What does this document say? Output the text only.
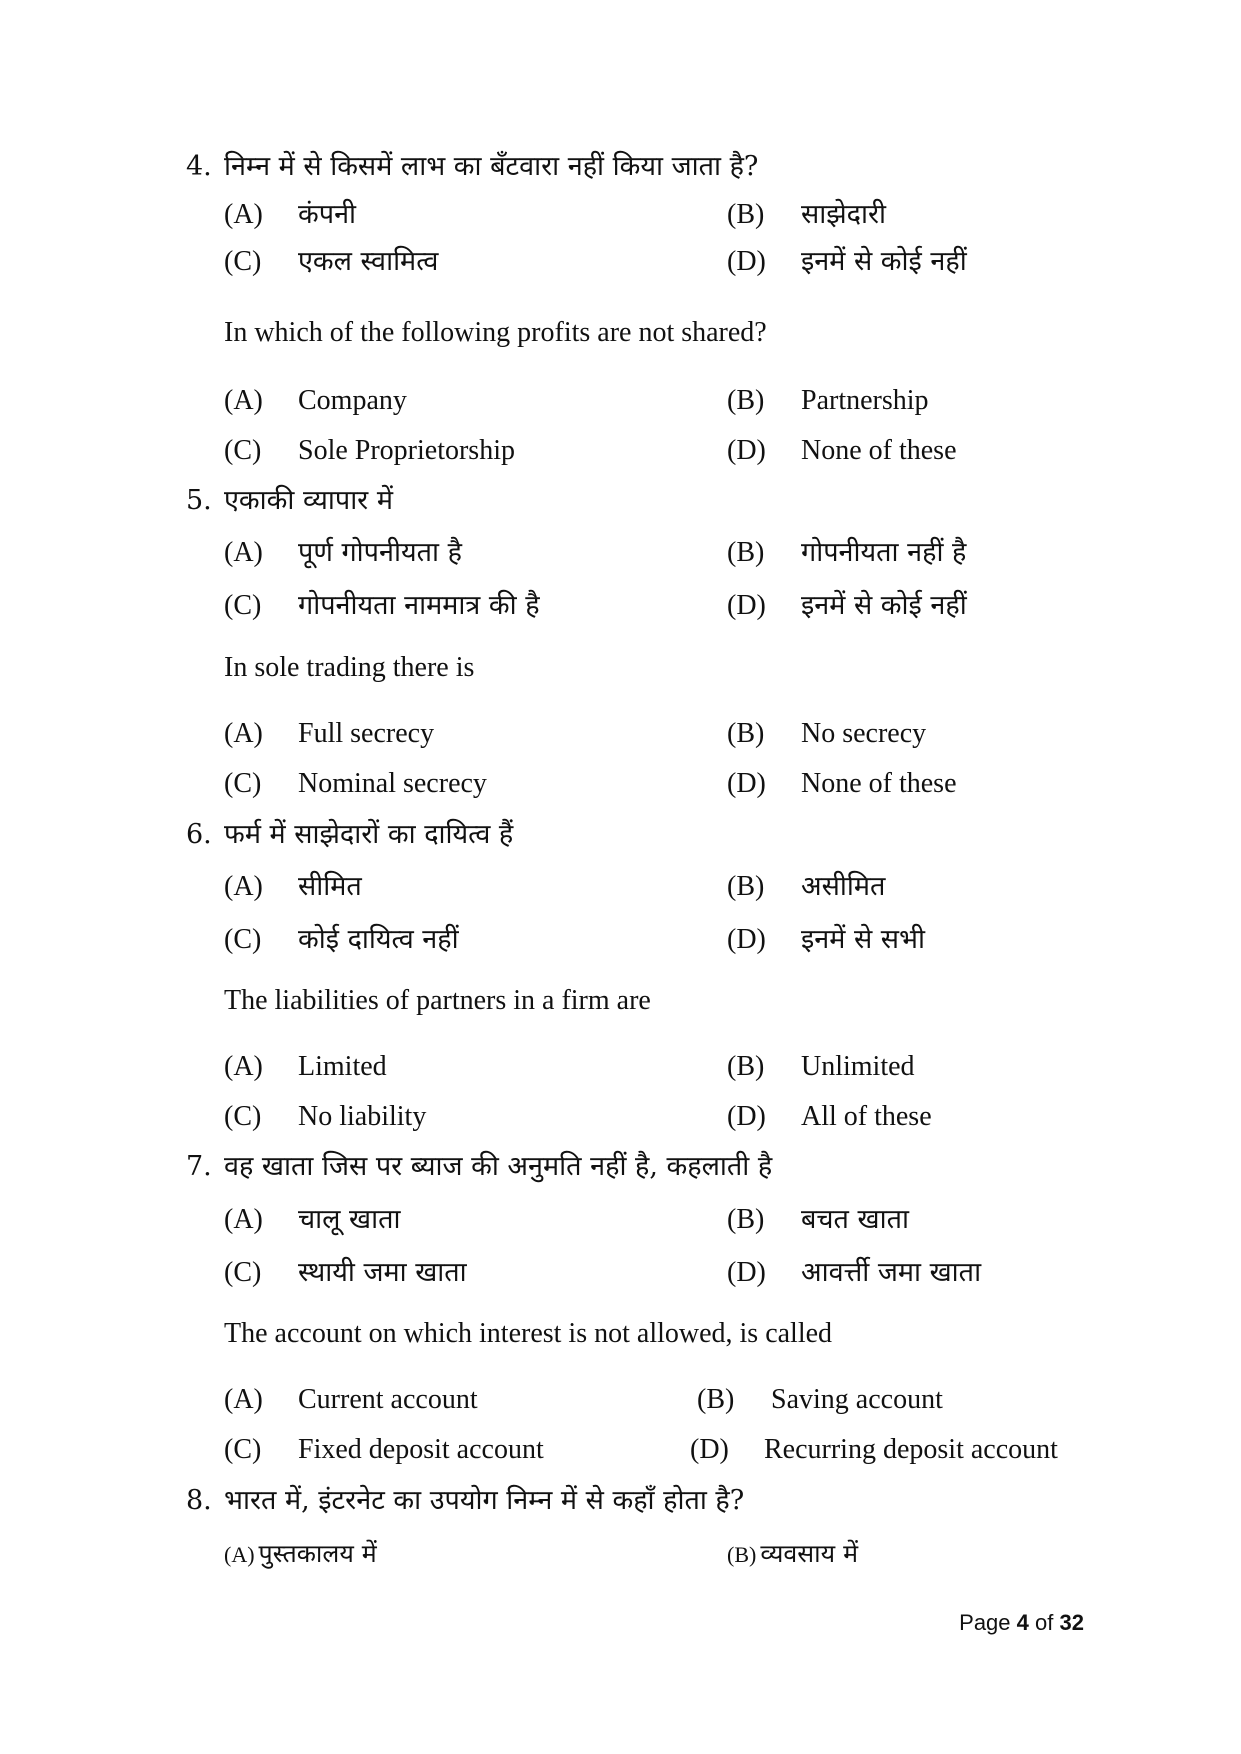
4. निम्न में से किसमें लाभ का बँटवारा नहीं किया जाता है?
(A) कंपनी	(B) साझेदारी
(C) एकल स्वामित्व	(D) इनमें से कोई नहीं
In which of the following profits are not shared?
(A) Company	(B) Partnership
(C) Sole Proprietorship	(D) None of these
5. एकाकी व्यापार में
(A) पूर्ण गोपनीयता है	(B) गोपनीयता नहीं है
(C) गोपनीयता नाममात्र की है	(D) इनमें से कोई नहीं
In sole trading there is
(A) Full secrecy	(B) No secrecy
(C) Nominal secrecy	(D) None of these
6. फर्म में साझेदारों का दायित्व हैं
(A) सीमित	(B) असीमित
(C) कोई दायित्व नहीं	(D) इनमें से सभी
The liabilities of partners in a firm are
(A) Limited	(B) Unlimited
(C) No liability	(D) All of these
7. वह खाता जिस पर ब्याज की अनुमति नहीं है, कहलाती है
(A) चालू खाता	(B) बचत खाता
(C) स्थायी जमा खाता	(D) आवर्त्ती जमा खाता
The account on which interest is not allowed, is called
(A) Current account	(B) Saving account
(C) Fixed deposit account	(D) Recurring deposit account
8. भारत में, इंटरनेट का उपयोग निम्न में से कहाँ होता है?
(A) पुस्तकालय में	(B) व्यवसाय में
Page 4 of 32
